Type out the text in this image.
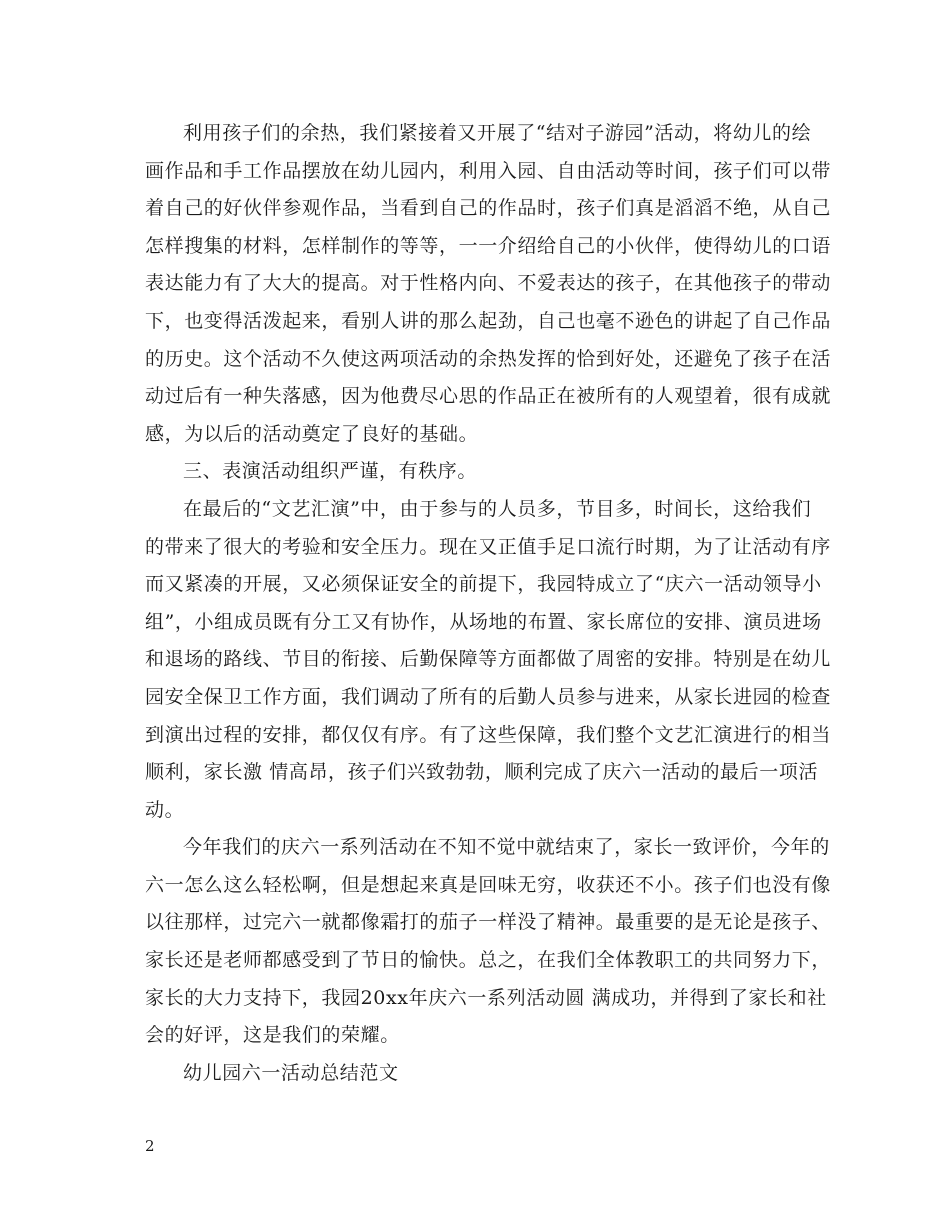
利用孩子们的余热，我们紧接着又开展了“结对子游园”活动，将幼儿的绘
画作品和手工作品摆放在幼儿园内，利用入园、自由活动等时间，孩子们可以带
着自己的好伙伴参观作品，当看到自己的作品时，孩子们真是滔滔不绝，从自己
怎样搜集的材料，怎样制作的等等，一一介绍给自己的小伙伴，使得幼儿的口语
表达能力有了大大的提高。对于性格内向、不爱表达的孩子，在其他孩子的带动
下，也变得活泼起来，看别人讲的那么起劲，自己也毫不逊色的讲起了自己作品
的历史。这个活动不久使这两项活动的余热发挥的恰到好处，还避免了孩子在活
动过后有一种失落感，因为他费尽心思的作品正在被所有的人观望着，很有成就
感，为以后的活动奠定了良好的基础。
三、表演活动组织严谨，有秩序。
在最后的“文艺汇演”中，由于参与的人员多，节目多，时间长，这给我们
的带来了很大的考验和安全压力。现在又正值手足口流行时期，为了让活动有序
而又紧凑的开展，又必须保证安全的前提下，我园特成立了“庆六一活动领导小
组”，小组成员既有分工又有协作，从场地的布置、家长席位的安排、演员进场
和退场的路线、节目的衔接、后勤保障等方面都做了周密的安排。特别是在幼儿
园安全保卫工作方面，我们调动了所有的后勤人员参与进来，从家长进园的检查
到演出过程的安排，都仅仅有序。有了这些保障，我们整个文艺汇演进行的相当
顺利，家长激 情高昂，孩子们兴致勃勃，顺利完成了庆六一活动的最后一项活
动。
今年我们的庆六一系列活动在不知不觉中就结束了，家长一致评价，今年的
六一怎么这么轻松啊，但是想起来真是回味无穷，收获还不小。孩子们也没有像
以往那样，过完六一就都像霜打的茄子一样没了精神。最重要的是无论是孩子、
家长还是老师都感受到了节日的愉快。总之，在我们全体教职工的共同努力下，
家长的大力支持下，我园20xx年庆六一系列活动圆 满成功，并得到了家长和社
会的好评，这是我们的荣耀。
幼儿园六一活动总结范文
2
